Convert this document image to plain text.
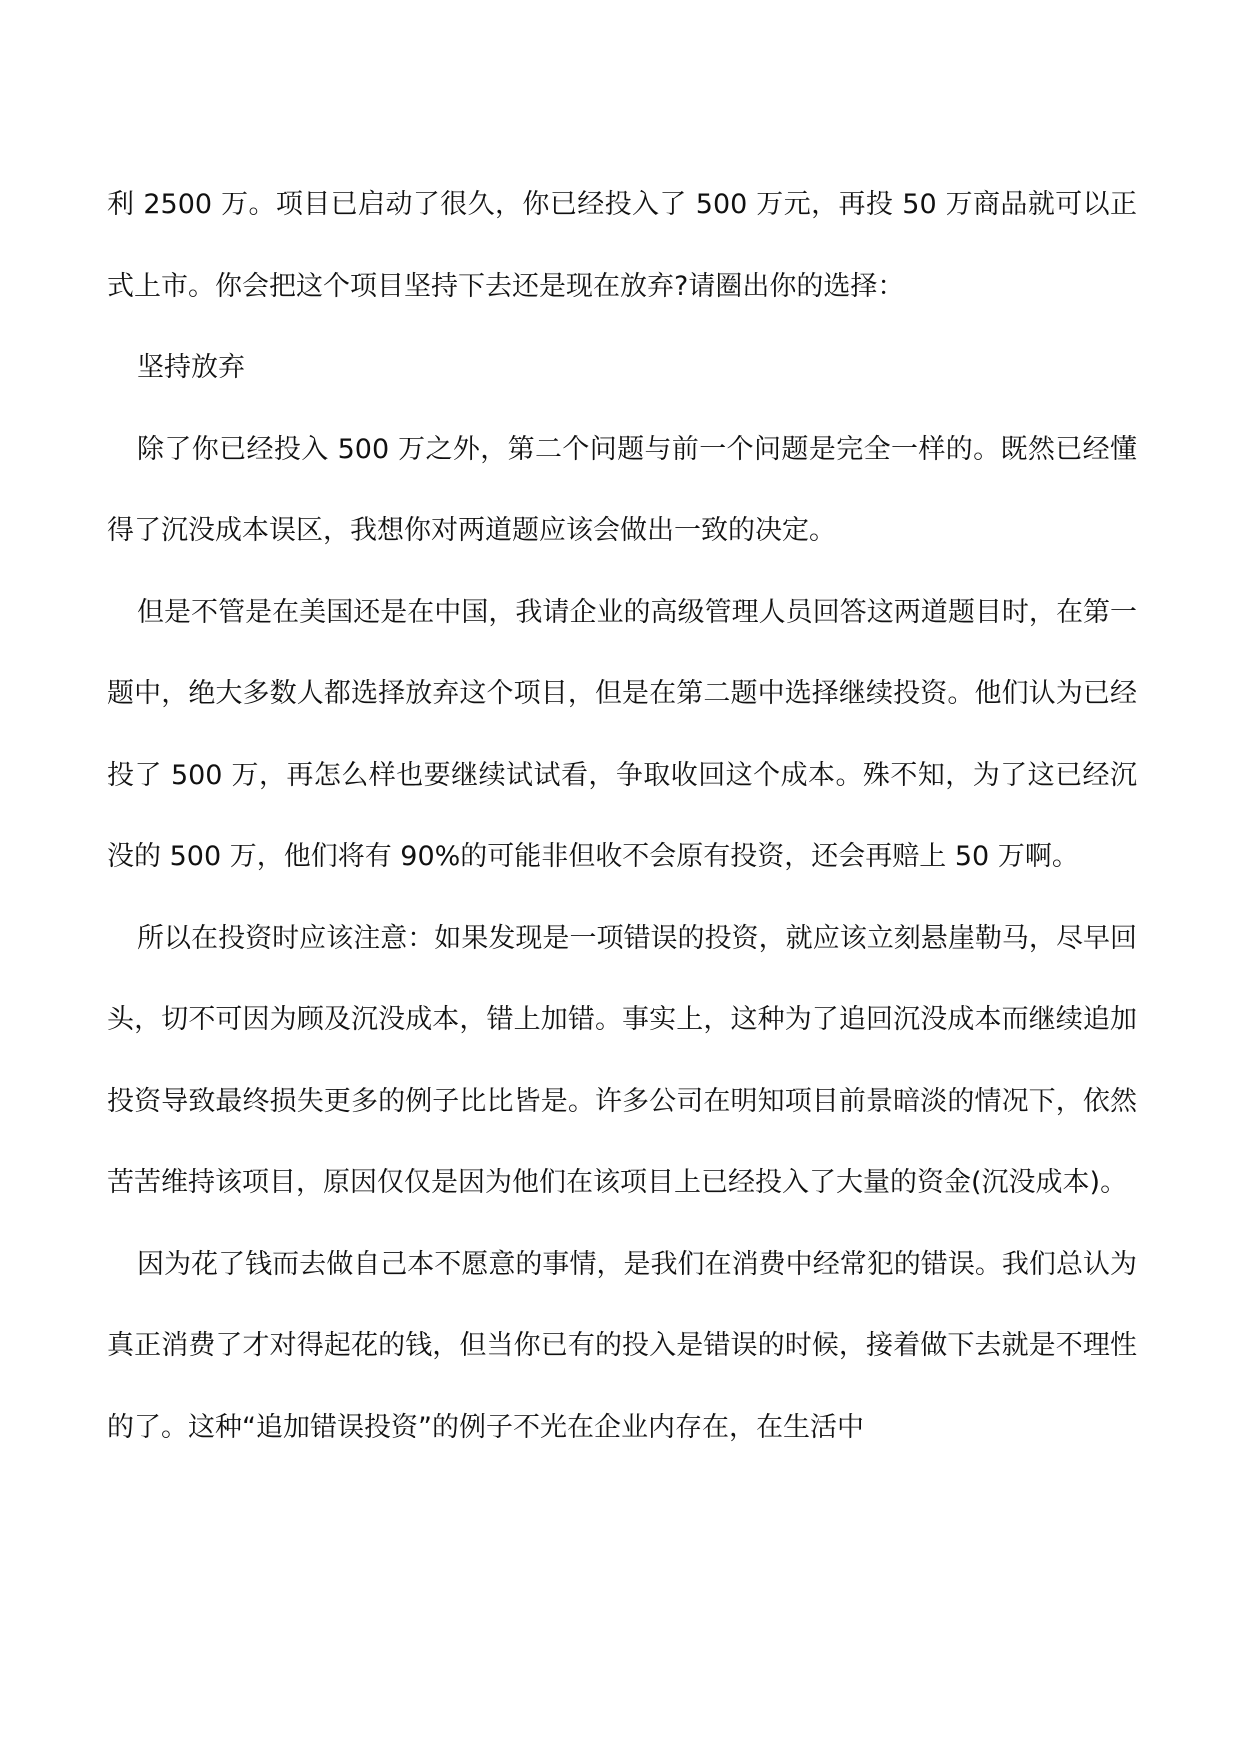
利 2500 万。项目已启动了很久，你已经投入了 500 万元，再投 50 万商品就可以正式上市。你会把这个项目坚持下去还是现在放弃?请圈出你的选择：

坚持放弃

除了你已经投入 500 万之外，第二个问题与前一个问题是完全一样的。既然已经懂得了沉没成本误区，我想你对两道题应该会做出一致的决定。

但是不管是在美国还是在中国，我请企业的高级管理人员回答这两道题目时，在第一题中，绝大多数人都选择放弃这个项目，但是在第二题中选择继续投资。他们认为已经投了 500 万，再怎么样也要继续试试看，争取收回这个成本。殊不知，为了这已经沉没的 500 万，他们将有 90%的可能非但收不会原有投资，还会再赔上 50 万啊。

所以在投资时应该注意：如果发现是一项错误的投资，就应该立刻悬崖勒马，尽早回头，切不可因为顾及沉没成本，错上加错。事实上，这种为了追回沉没成本而继续追加投资导致最终损失更多的例子比比皆是。许多公司在明知项目前景暗淡的情况下，依然苦苦维持该项目，原因仅仅是因为他们在该项目上已经投入了大量的资金(沉没成本)。

因为花了钱而去做自己本不愿意的事情，是我们在消费中经常犯的错误。我们总认为真正消费了才对得起花的钱，但当你已有的投入是错误的时候，接着做下去就是不理性的了。这种“追加错误投资”的例子不光在企业内存在，在生活中
